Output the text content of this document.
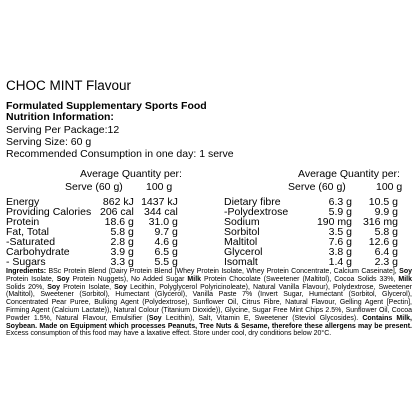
CHOC MINT Flavour
Formulated Supplementary Sports Food
Nutrition Information:
Serving Per Package:12
Serving Size: 60 g
Recommended Consumption in one day: 1 serve
Average Quantity per:
Serve (60 g) 100 g
Average Quantity per:
Serve (60 g)	100 g
Energy	862 kJ	1437 kJ
Providing Calories	206 cal	344 cal
Protein	18.6 g	31.0 g
Fat, Total	5.8 g	9.7 g
-Saturated	2.8 g	4.6 g
Carbohydrate	3.9 g	6.5 g
- Sugars	3.3 g	5.5 g
Dietary fibre	6.3 g	10.5 g
-Polydextrose	5.9 g	9.9 g
Sodium	190 mg	316 mg
Sorbitol	3.5 g	5.8 g
Maltitol	7.6 g	12.6 g
Glycerol	3.8 g	6.4 g
Isomalt	1.4 g	2.3 g
Ingredients: BSc Protein Blend (Dairy Protein Blend [Whey Protein Isolate, Whey Protein Concentrate, Calcium Caseinate], Soy Protein Isolate, Soy Protein Nuggets), No Added Sugar Milk Protein Chocolate (Sweetener (Maltitol), Cocoa Solids 33%, Milk Solids 20%, Soy Protein Isolate, Soy Lecithin, Polyglycerol Polyricinoleate), Natural Vanilla Flavour), Polydextrose, Sweetener (Maltitol), Sweetener (Sorbitol), Humectant (Glycerol), Vanilla Paste 7% (Invert Sugar, Humectant (Sorbitol, Glycerol), Concentrated Pear Puree, Bulking Agent (Polydextrose), Sunflower Oil, Citrus Fibre, Natural Flavour, Gelling Agent [Pectin], Firming Agent (Calcium Lactate)), Natural Colour (Titanium Dioxide)), Glycine, Sugar Free Mint Chips 2.5%, Sunflower Oil, Cocoa Powder 1.5%, Natural Flavour, Emulsifier (Soy Lecithin), Salt, Vitamin E, Sweetener (Steviol Glycosides). Contains Milk, Soybean. Made on Equipment which processes Peanuts, Tree Nuts & Sesame, therefore these allergens may be present. Excess consumption of this food may have a laxative effect. Store under cool, dry conditions below 20°C.
